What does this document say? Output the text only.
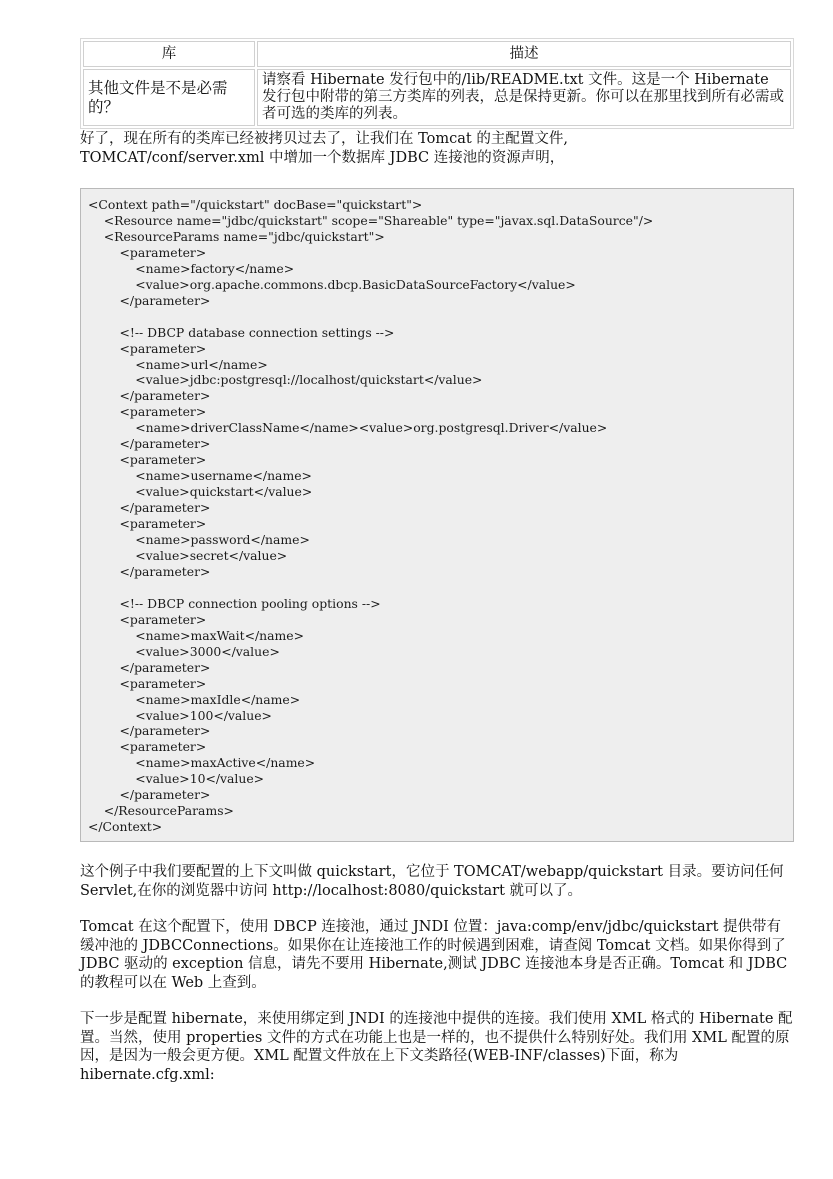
库	描述
其他文件是不是必需的？	请察看 Hibernate 发行包中的/lib/README.txt 文件。这是一个 Hibernate 发行包中附带的第三方类库的列表，总是保持更新。你可以在那里找到所有必需或者可选的类库的列表。

好了，现在所有的类库已经被拷贝过去了，让我们在 Tomcat 的主配置文件,
TOMCAT/conf/server.xml 中增加一个数据库 JDBC 连接池的资源声明，

<Context path="/quickstart" docBase="quickstart">
<Resource name="jdbc/quickstart" scope="Shareable" type="javax.sql.DataSource"/>
<ResourceParams name="jdbc/quickstart">
<parameter>
<name>factory</name>
<value>org.apache.commons.dbcp.BasicDataSourceFactory</value>
</parameter>

<!-- DBCP database connection settings -->
<parameter>
<name>url</name>
<value>jdbc:postgresql://localhost/quickstart</value>
</parameter>
<parameter>
<name>driverClassName</name><value>org.postgresql.Driver</value>
</parameter>
<parameter>
<name>username</name>
<value>quickstart</value>
</parameter>
<parameter>
<name>password</name>
<value>secret</value>
</parameter>

<!-- DBCP connection pooling options -->
<parameter>
<name>maxWait</name>
<value>3000</value>
</parameter>
<parameter>
<name>maxIdle</name>
<value>100</value>
</parameter>
<parameter>
<name>maxActive</name>
<value>10</value>
</parameter>
</ResourceParams>
</Context>

这个例子中我们要配置的上下文叫做 quickstart，它位于 TOMCAT/webapp/quickstart 目录。要访问任何 Servlet,在你的浏览器中访问 http://localhost:8080/quickstart 就可以了。

Tomcat 在这个配置下，使用 DBCP 连接池，通过 JNDI 位置：java:comp/env/jdbc/quickstart 提供带有缓冲池的 JDBCConnections。如果你在让连接池工作的时候遇到困难，请查阅 Tomcat 文档。如果你得到了 JDBC 驱动的 exception 信息，请先不要用 Hibernate,测试 JDBC 连接池本身是否正确。Tomcat 和 JDBC 的教程可以在 Web 上查到。

下一步是配置 hibernate，来使用绑定到 JNDI 的连接池中提供的连接。我们使用 XML 格式的 Hibernate 配置。当然，使用 properties 文件的方式在功能上也是一样的，也不提供什么特别好处。我们用 XML 配置的原因，是因为一般会更方便。XML 配置文件放在上下文类路径(WEB-INF/classes)下面，称为 hibernate.cfg.xml:
